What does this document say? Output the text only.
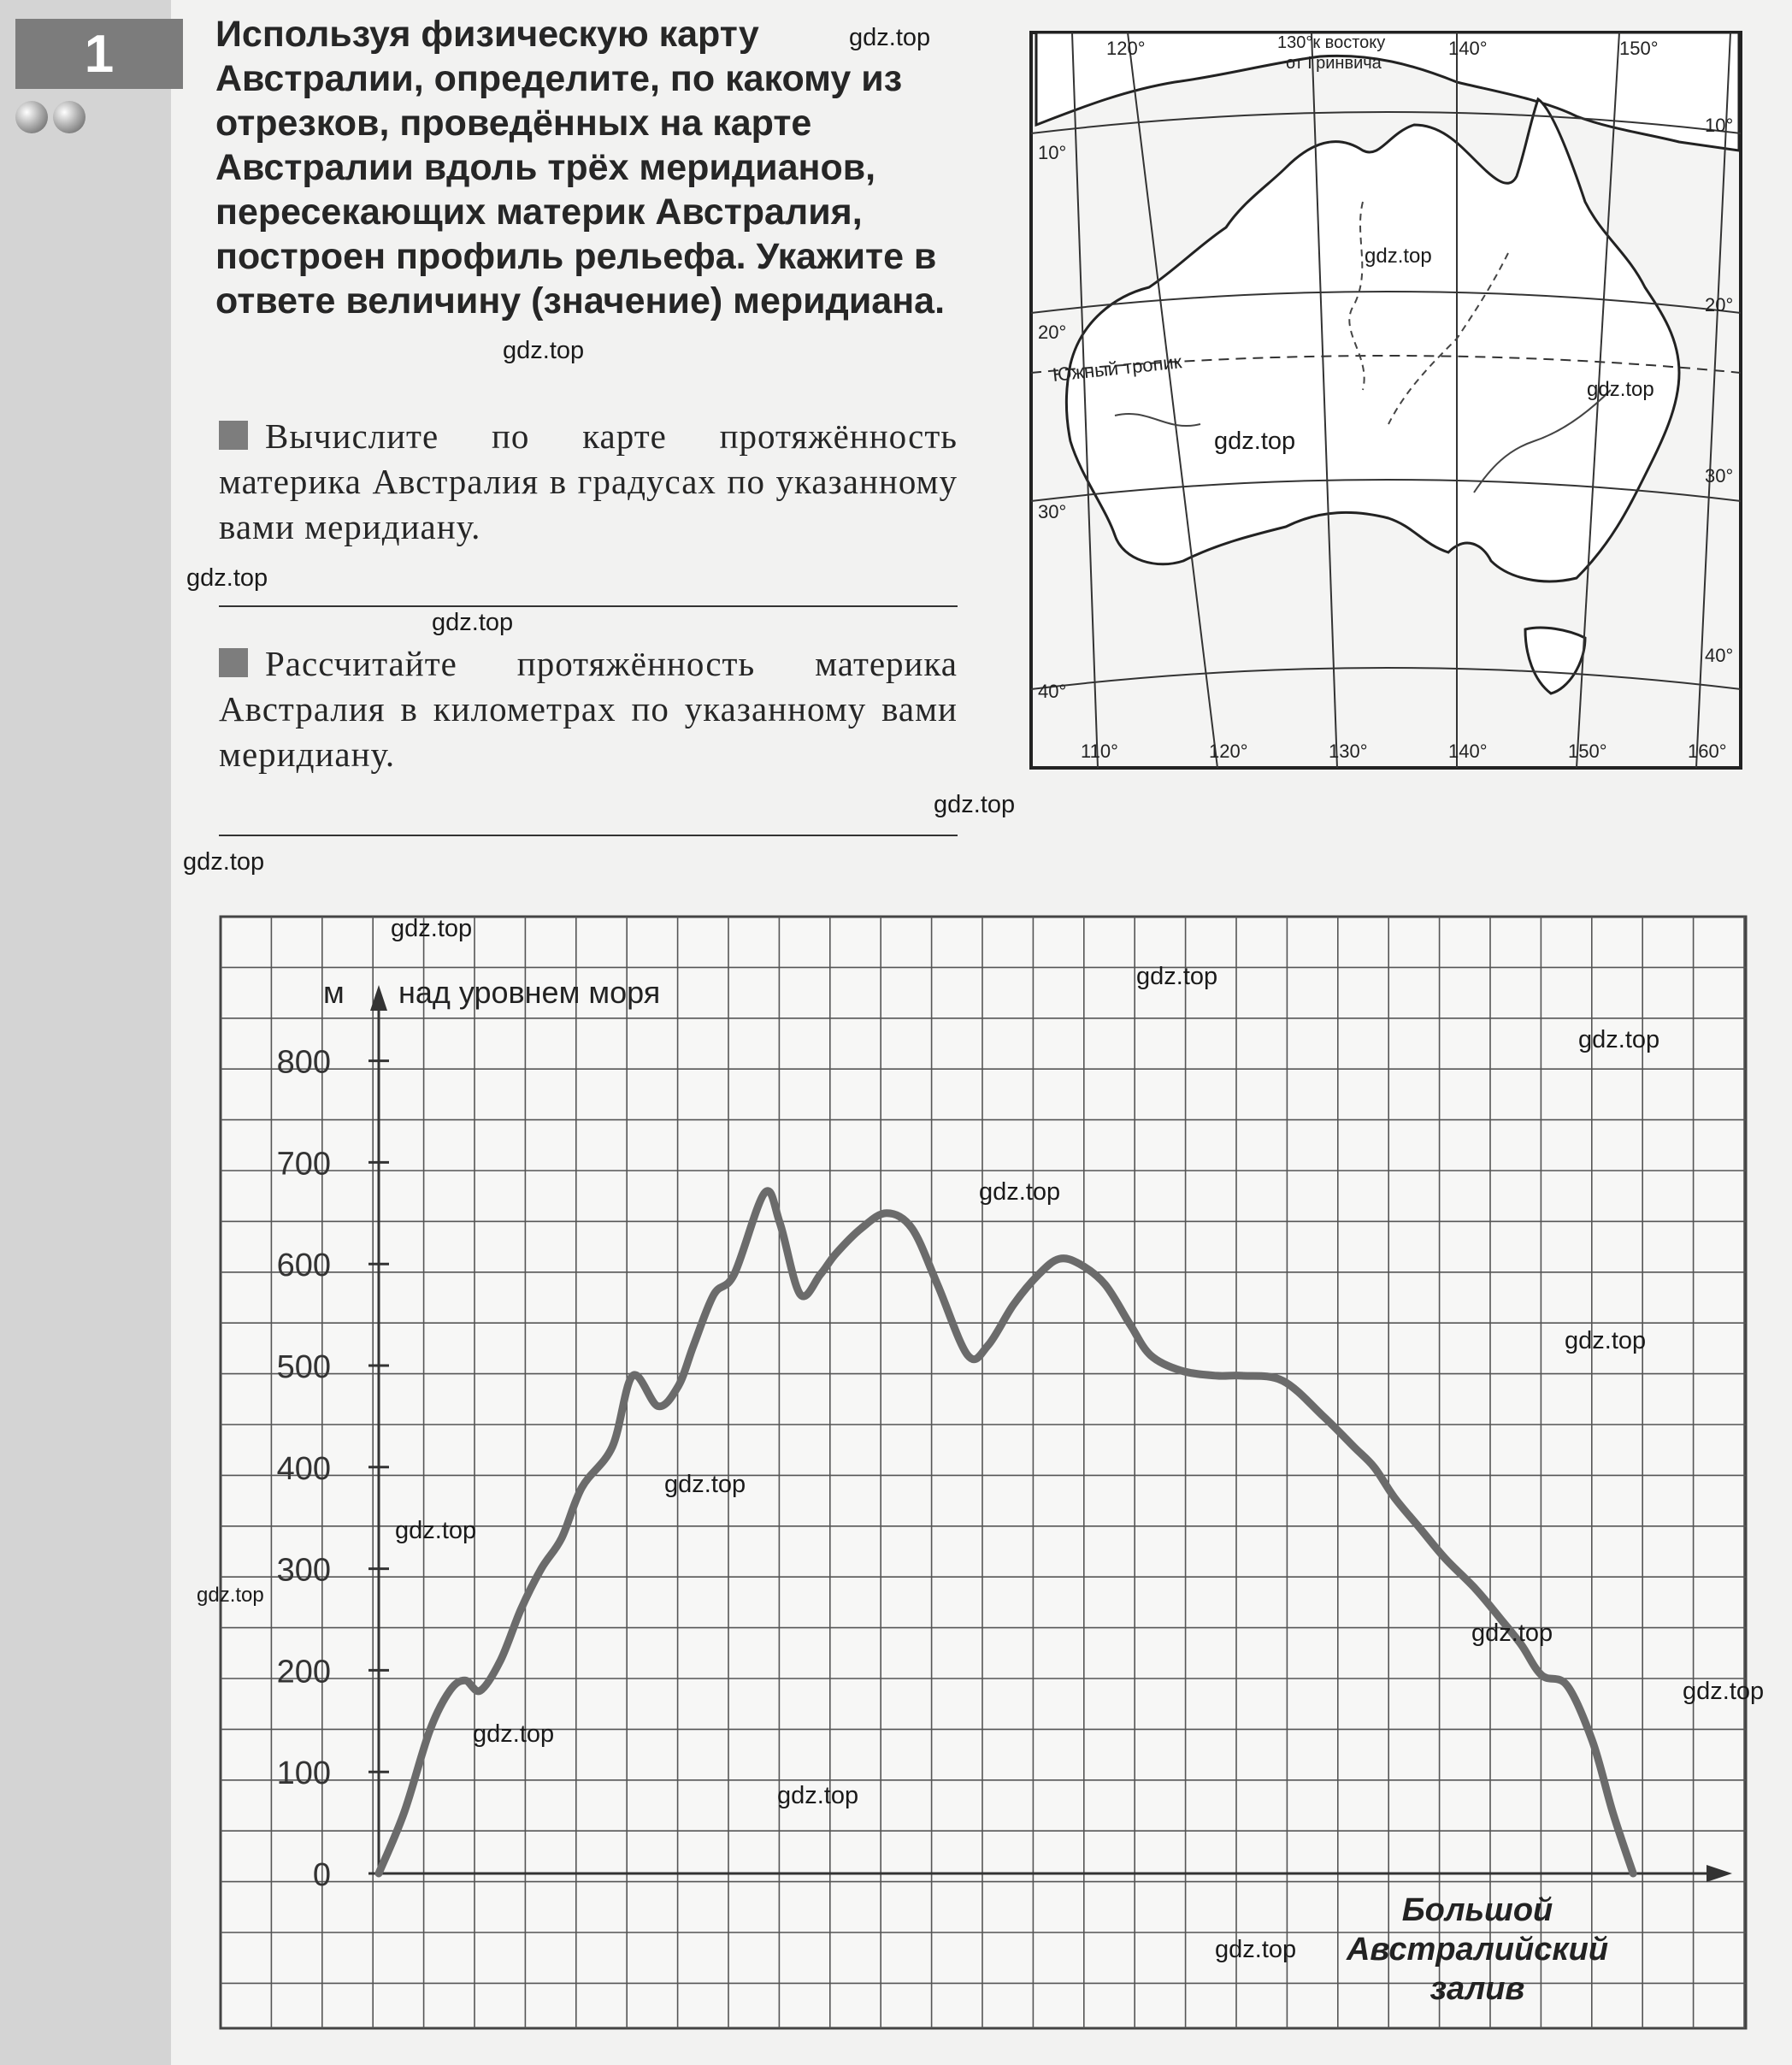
1	Используя физическую карту Австралии, определите, по какому из отрезков, проведённых на карте Австралии вдоль трёх меридианов, пересекающих материк Австралия, построен профиль рельефа. Укажите в ответе величину (значение) меридиана.

Вычислите по карте протяжённость материка Австралия в градусах по указанному вами меридиану.

Рассчитайте протяжённость материка Австралия в километрах по указанному вами меридиану.

120°	140°	150°
130°к востоку
от Гринвича
10°
20°
30°
40°
10°
20°
30°
40°
110°	120°	130°	140°	150°	160°
Южный тропик
0
100
200
300
400
500
600
700
800
м над уровнем моря
Большой
Австралийский
залив
gdz.top
gdz.top
gdz.top
gdz.top
gdz.top
gdz.top
gdz.top
gdz.top
gdz.top
gdz.top
gdz.top
gdz.top
gdz.top
gdz.top
gdz.top
gdz.top
gdz.top
gdz.top
gdz.top
gdz.top
gdz.top
gdz.top
